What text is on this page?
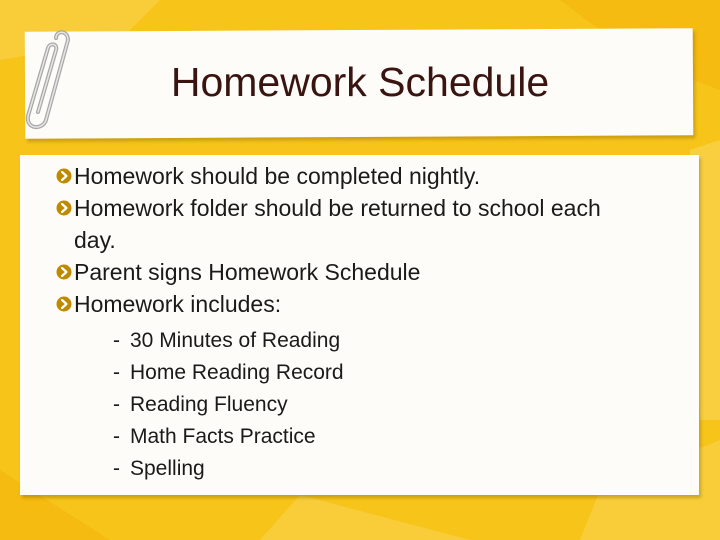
Homework Schedule
Homework should be completed nightly.
Homework folder should be returned to school each day.
Parent signs Homework Schedule
Homework includes:
- 30 Minutes of Reading
- Home Reading Record
- Reading Fluency
- Math Facts Practice
- Spelling
